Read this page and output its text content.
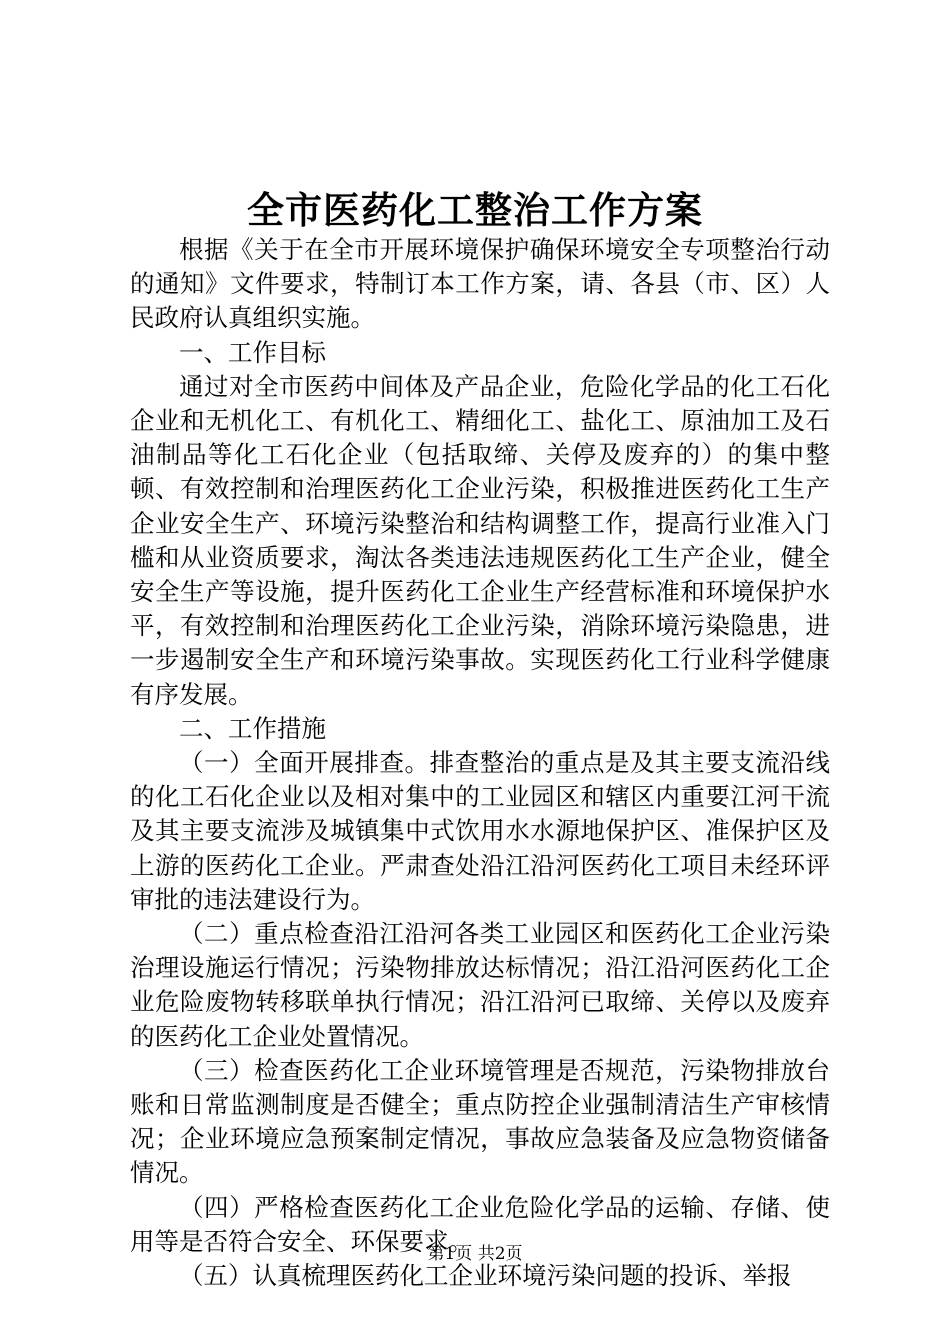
全市医药化工整治工作方案

根据《关于在全市开展环境保护确保环境安全专项整治行动的通知》文件要求，特制订本工作方案，请、各县（市、区）人民政府认真组织实施。

一、工作目标

通过对全市医药中间体及产品企业，危险化学品的化工石化企业和无机化工、有机化工、精细化工、盐化工、原油加工及石油制品等化工石化企业（包括取缔、关停及废弃的）的集中整顿、有效控制和治理医药化工企业污染，积极推进医药化工生产企业安全生产、环境污染整治和结构调整工作，提高行业准入门槛和从业资质要求，淘汰各类违法违规医药化工生产企业，健全安全生产等设施，提升医药化工企业生产经营标准和环境保护水平，有效控制和治理医药化工企业污染，消除环境污染隐患，进一步遏制安全生产和环境污染事故。实现医药化工行业科学健康有序发展。

二、工作措施

（一）全面开展排查。排查整治的重点是及其主要支流沿线的化工石化企业以及相对集中的工业园区和辖区内重要江河干流及其主要支流涉及城镇集中式饮用水水源地保护区、准保护区及上游的医药化工企业。严肃查处沿江沿河医药化工项目未经环评审批的违法建设行为。

（二）重点检查沿江沿河各类工业园区和医药化工企业污染治理设施运行情况；污染物排放达标情况；沿江沿河医药化工企业危险废物转移联单执行情况；沿江沿河已取缔、关停以及废弃的医药化工企业处置情况。

（三）检查医药化工企业环境管理是否规范，污染物排放台账和日常监测制度是否健全；重点防控企业强制清洁生产审核情况；企业环境应急预案制定情况，事故应急装备及应急物资储备情况。

（四）严格检查医药化工企业危险化学品的运输、存储、使用等是否符合安全、环保要求。

（五）认真梳理医药化工企业环境污染问题的投诉、举报

第1页 共2页
